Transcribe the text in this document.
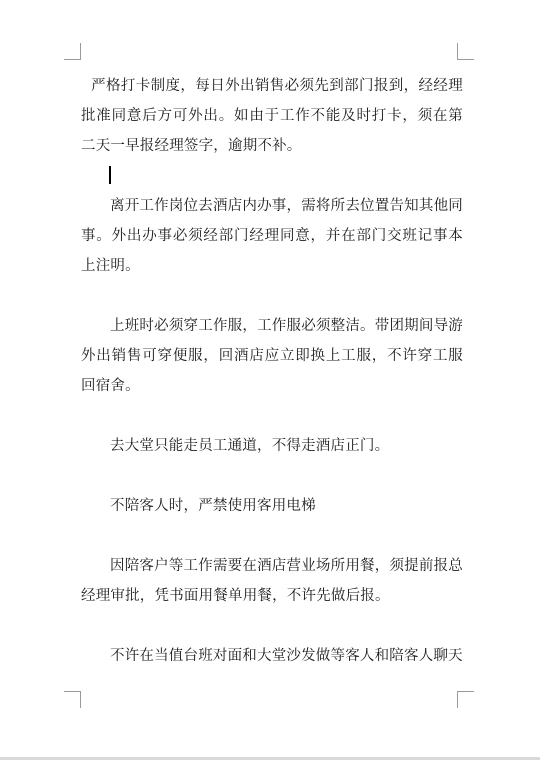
严格打卡制度，每日外出销售必须先到部门报到，经经理批准同意后方可外出。如由于工作不能及时打卡，须在第二天一早报经理签字，逾期不补。

离开工作岗位去酒店内办事，需将所去位置告知其他同事。外出办事必须经部门经理同意，并在部门交班记事本上注明。

上班时必须穿工作服，工作服必须整洁。带团期间导游外出销售可穿便服，回酒店应立即换上工服，不许穿工服回宿舍。

去大堂只能走员工通道，不得走酒店正门。

不陪客人时，严禁使用客用电梯

因陪客户等工作需要在酒店营业场所用餐，须提前报总经理审批，凭书面用餐单用餐，不许先做后报。

不许在当值台班对面和大堂沙发做等客人和陪客人聊天
